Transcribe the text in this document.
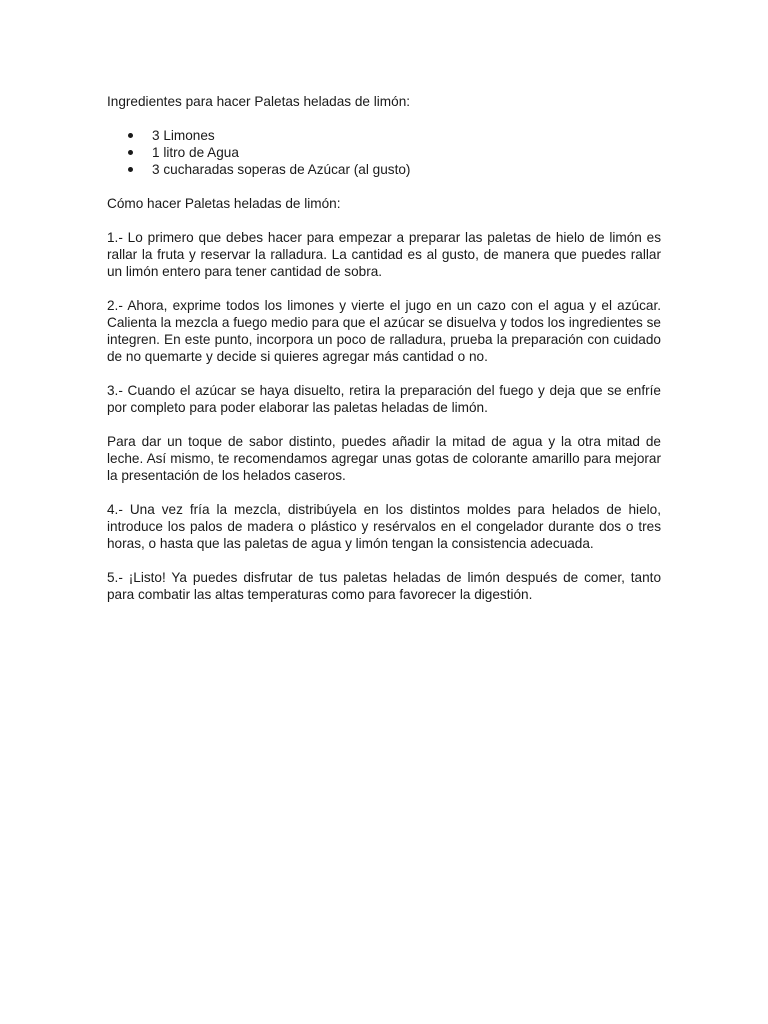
Ingredientes para hacer Paletas heladas de limón:

3 Limones
1 litro de Agua
3 cucharadas soperas de Azúcar (al gusto)

Cómo hacer Paletas heladas de limón:

1.- Lo primero que debes hacer para empezar a preparar las paletas de hielo de limón es rallar la fruta y reservar la ralladura. La cantidad es al gusto, de manera que puedes rallar un limón entero para tener cantidad de sobra.

2.- Ahora, exprime todos los limones y vierte el jugo en un cazo con el agua y el azúcar. Calienta la mezcla a fuego medio para que el azúcar se disuelva y todos los ingredientes se integren. En este punto, incorpora un poco de ralladura, prueba la preparación con cuidado de no quemarte y decide si quieres agregar más cantidad o no.

3.- Cuando el azúcar se haya disuelto, retira la preparación del fuego y deja que se enfríe por completo para poder elaborar las paletas heladas de limón.

Para dar un toque de sabor distinto, puedes añadir la mitad de agua y la otra mitad de leche. Así mismo, te recomendamos agregar unas gotas de colorante amarillo para mejorar la presentación de los helados caseros.

4.- Una vez fría la mezcla, distribúyela en los distintos moldes para helados de hielo, introduce los palos de madera o plástico y resérvalos en el congelador durante dos o tres horas, o hasta que las paletas de agua y limón tengan la consistencia adecuada.

5.- ¡Listo! Ya puedes disfrutar de tus paletas heladas de limón después de comer, tanto para combatir las altas temperaturas como para favorecer la digestión.
